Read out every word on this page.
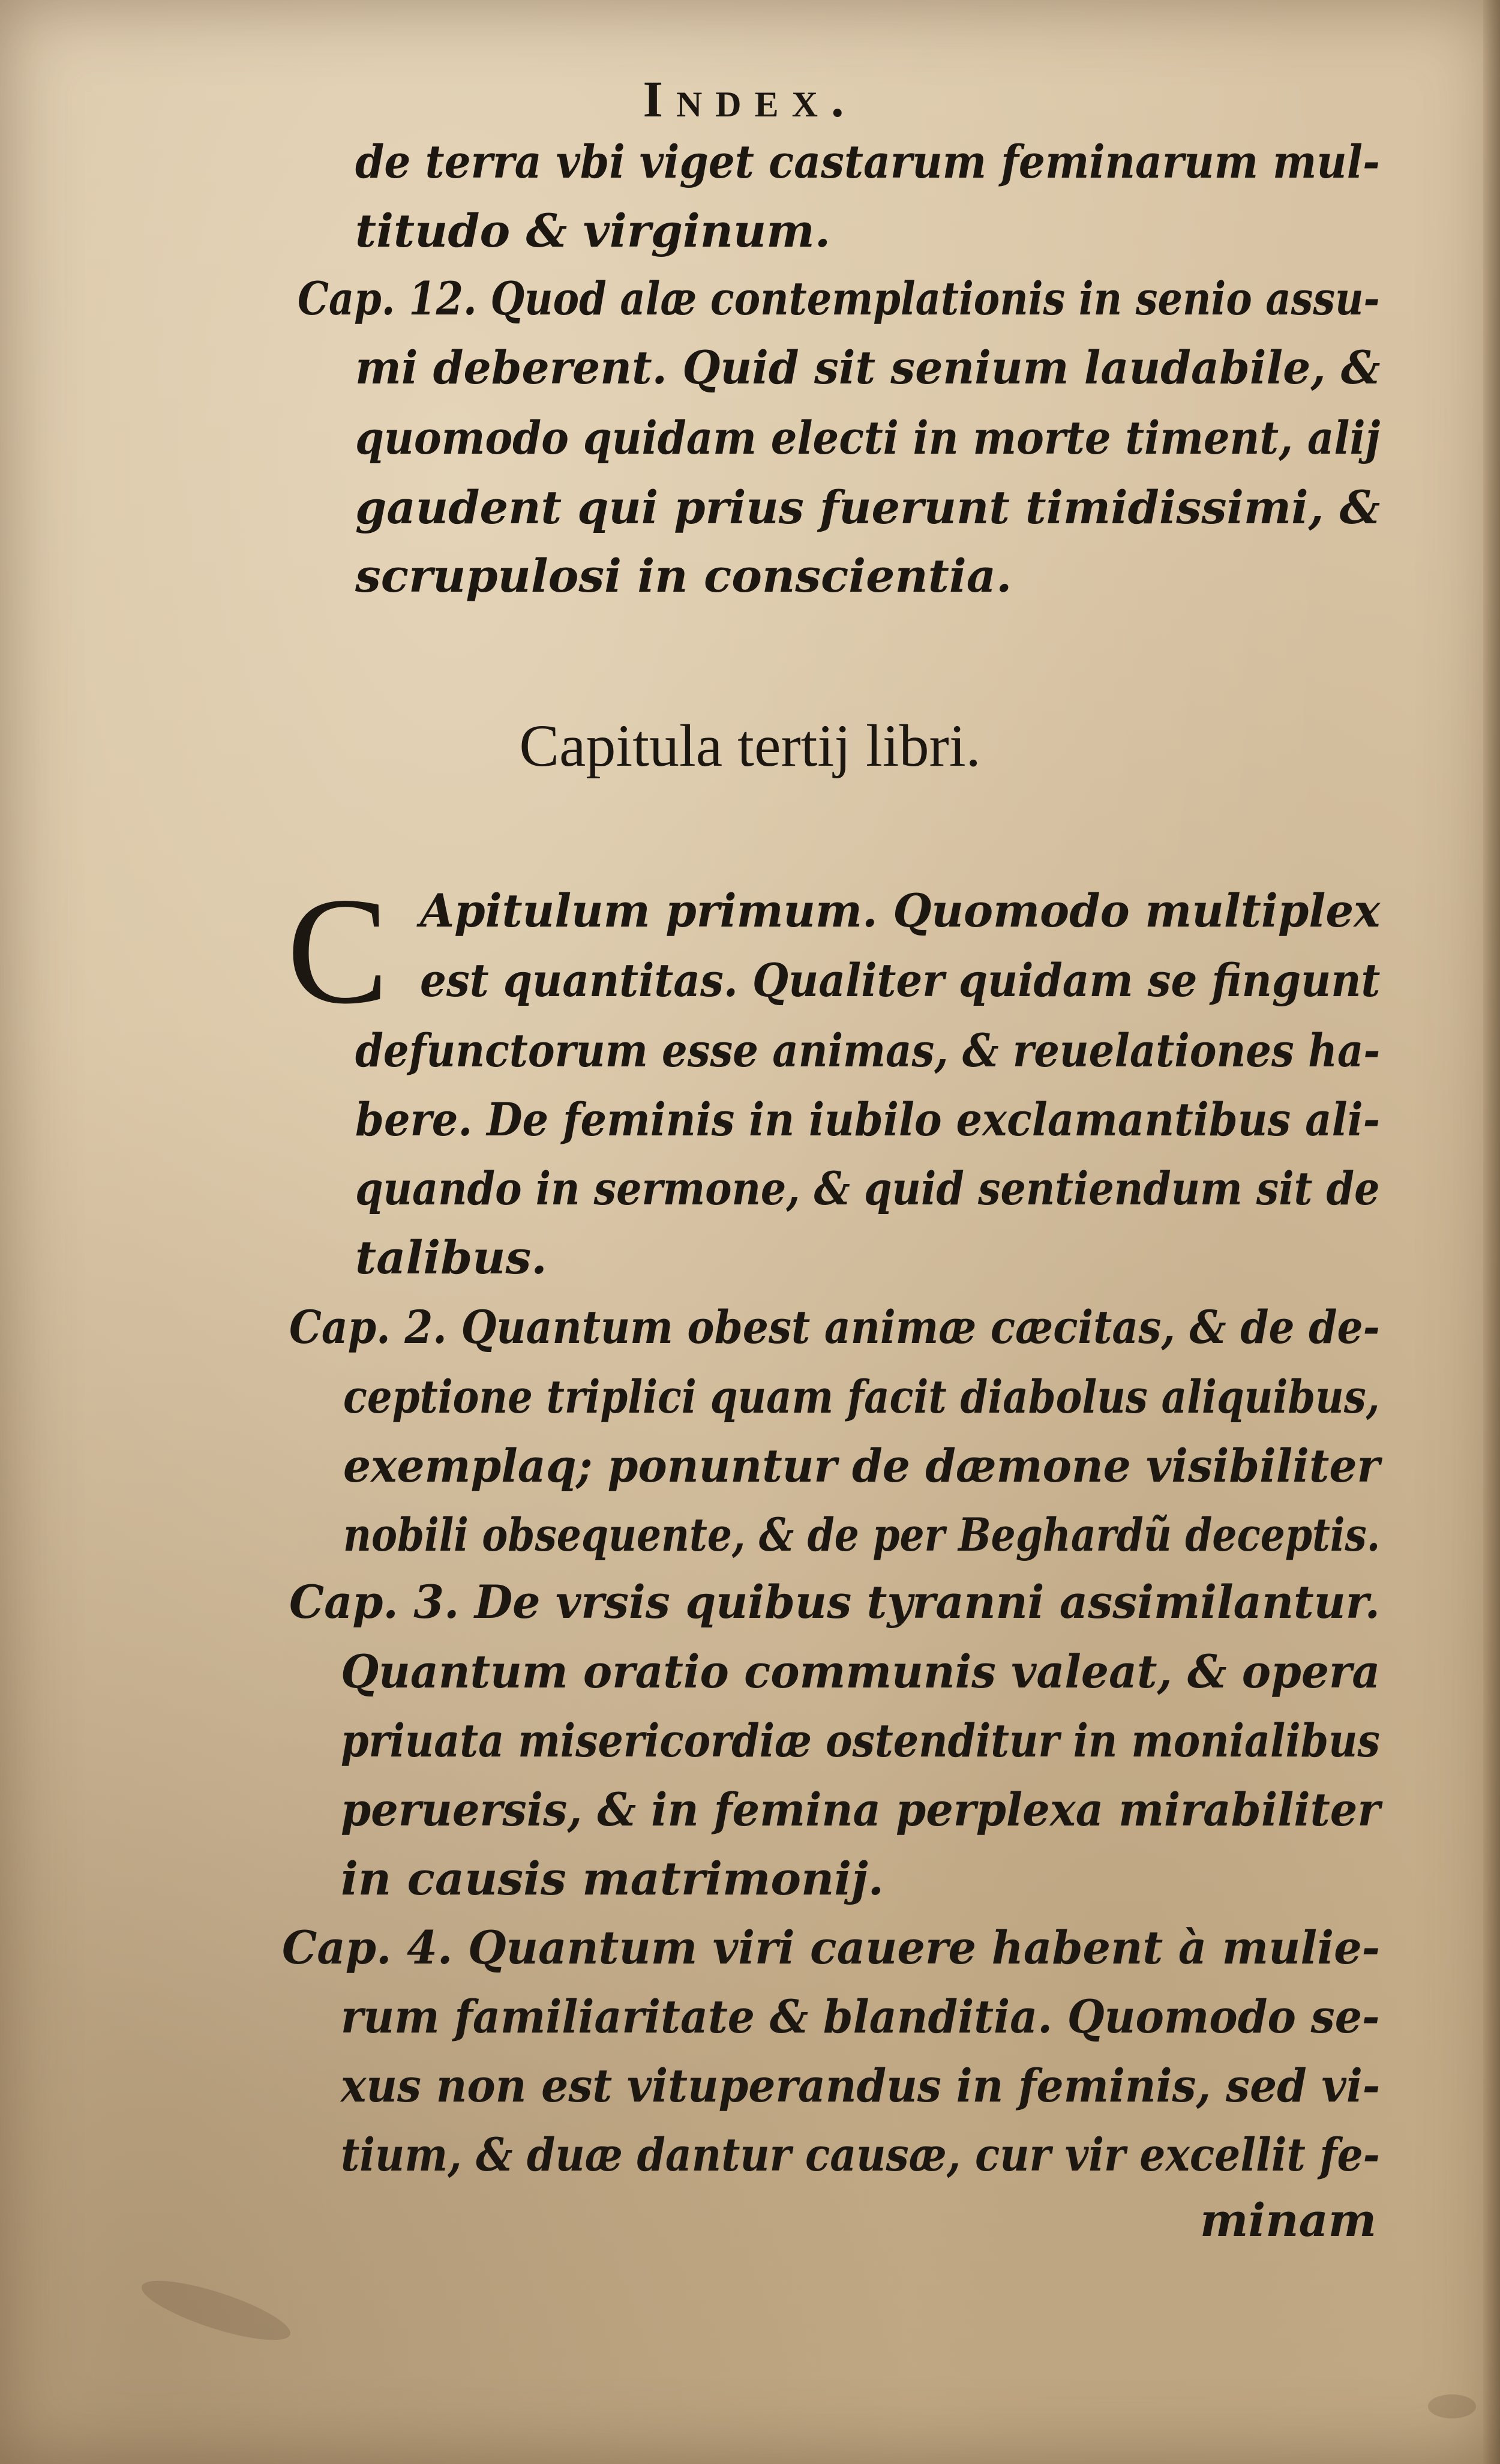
Index.
de terra vbi viget castarum feminarum mul-
titudo & virginum.
Cap. 12. Quod alæ contemplationis in senio assu-
mi deberent. Quid sit senium laudabile, &
quomodo quidam electi in morte timent, alij
gaudent qui prius fuerunt timidissimi, &
scrupulosi in conscientia.
Capitula tertij libri.
C Apitulum primum. Quomodo multiplex
est quantitas. Qualiter quidam se fingunt
defunctorum esse animas, & reuelationes ha-
bere. De feminis in iubilo exclamantibus ali-
quando in sermone, & quid sentiendum sit de
talibus.
Cap. 2. Quantum obest animæ cæcitas, & de de-
ceptione triplici quam facit diabolus aliquibus,
exemplaq; ponuntur de dæmone visibiliter
nobili obsequente, & de per Beghardũ deceptis.
Cap. 3. De vrsis quibus tyranni assimilantur.
Quantum oratio communis valeat, & opera
priuata misericordiæ ostenditur in monialibus
peruersis, & in femina perplexa mirabiliter
in causis matrimonij.
Cap. 4. Quantum viri cauere habent à mulie-
rum familiaritate & blanditia. Quomodo se-
xus non est vituperandus in feminis, sed vi-
tium, & duæ dantur causæ, cur vir excellit fe-
minam
